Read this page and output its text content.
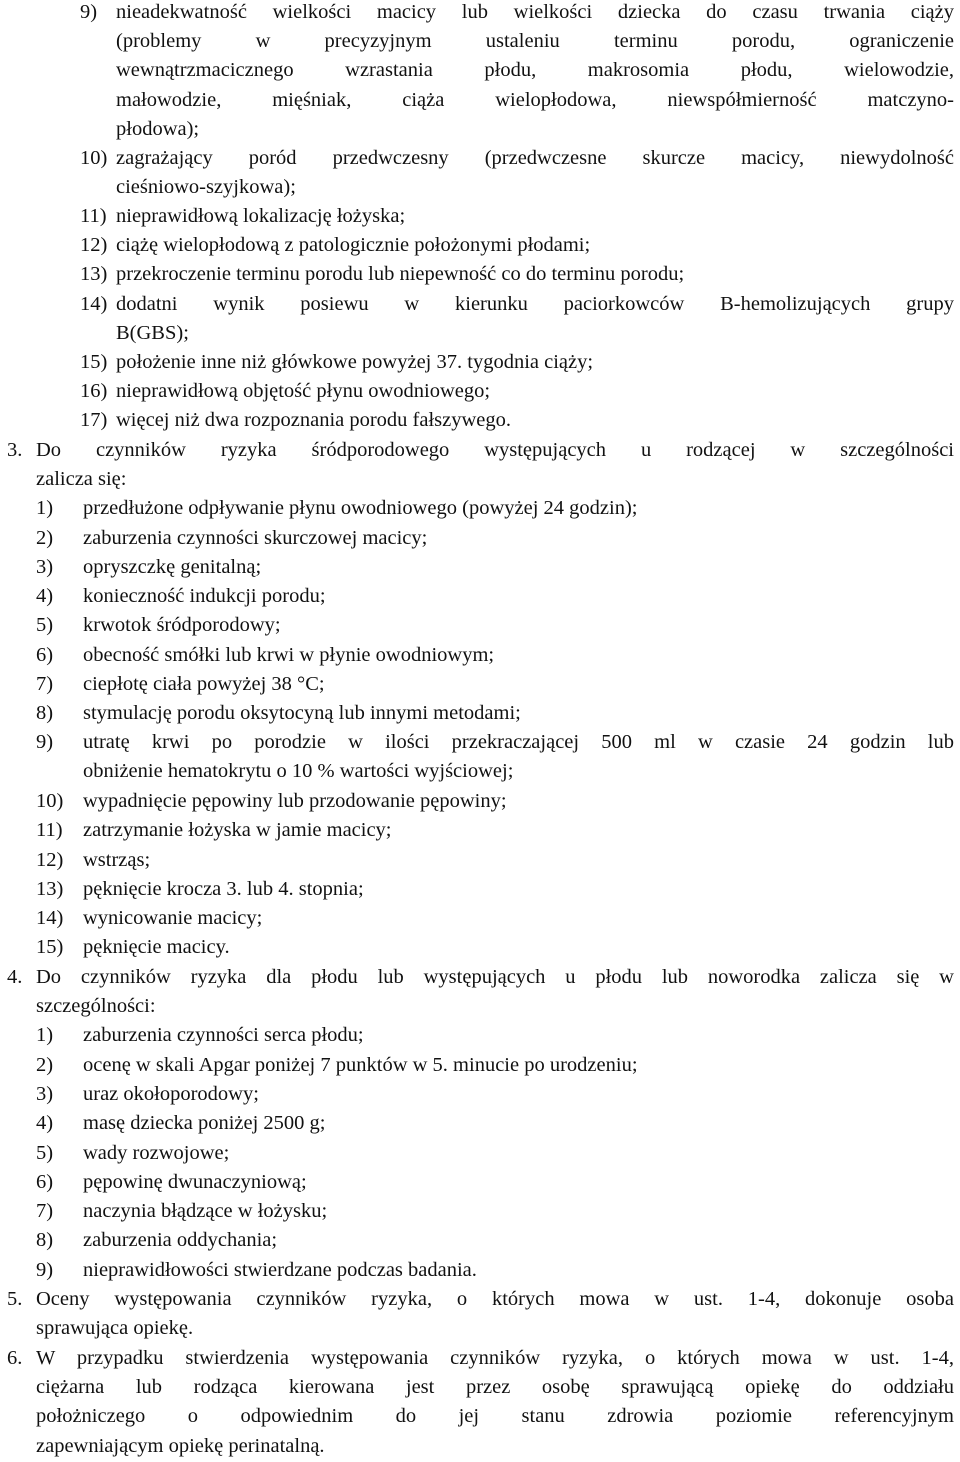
9) nieadekwatność wielkości macicy lub wielkości dziecka do czasu trwania ciąży
(problemy w precyzyjnym ustaleniu terminu porodu, ograniczenie
wewnątrzmacicznego wzrastania płodu, makrosomia płodu, wielowodzie,
małowodzie, mięśniak, ciąża wielopłodowa, niewspółmierność matczyno-
płodowa);
10) zagrażający poród przedwczesny (przedwczesne skurcze macicy, niewydolność
cieśniowo-szyjkowa);
11) nieprawidłową lokalizację łożyska;
12) ciążę wielopłodową z patologicznie położonymi płodami;
13) przekroczenie terminu porodu lub niepewność co do terminu porodu;
14) dodatni wynik posiewu w kierunku paciorkowców B-hemolizujących grupy
B(GBS);
15) położenie inne niż główkowe powyżej 37. tygodnia ciąży;
16) nieprawidłową objętość płynu owodniowego;
17) więcej niż dwa rozpoznania porodu fałszywego.
3. Do czynników ryzyka śródporodowego występujących u rodzącej w szczególności
zalicza się:
1) przedłużone odpływanie płynu owodniowego (powyżej 24 godzin);
2) zaburzenia czynności skurczowej macicy;
3) opryszczkę genitalną;
4) konieczność indukcji porodu;
5) krwotok śródporodowy;
6) obecność smółki lub krwi w płynie owodniowym;
7) ciepłotę ciała powyżej 38 °C;
8) stymulację porodu oksytocyną lub innymi metodami;
9) utratę krwi po porodzie w ilości przekraczającej 500 ml w czasie 24 godzin lub
obniżenie hematokrytu o 10 % wartości wyjściowej;
10) wypadnięcie pępowiny lub przodowanie pępowiny;
11) zatrzymanie łożyska w jamie macicy;
12) wstrząs;
13) pęknięcie krocza 3. lub 4. stopnia;
14) wynicowanie macicy;
15) pęknięcie macicy.
4. Do czynników ryzyka dla płodu lub występujących u płodu lub noworodka zalicza się w
szczególności:
1) zaburzenia czynności serca płodu;
2) ocenę w skali Apgar poniżej 7 punktów w 5. minucie po urodzeniu;
3) uraz okołoporodowy;
4) masę dziecka poniżej 2500 g;
5) wady rozwojowe;
6) pępowinę dwunaczyniową;
7) naczynia błądzące w łożysku;
8) zaburzenia oddychania;
9) nieprawidłowości stwierdzane podczas badania.
5. Oceny występowania czynników ryzyka, o których mowa w ust. 1-4, dokonuje osoba
sprawująca opiekę.
6. W przypadku stwierdzenia występowania czynników ryzyka, o których mowa w ust. 1-4,
ciężarna lub rodząca kierowana jest przez osobę sprawującą opiekę do oddziału
położniczego o odpowiednim do jej stanu zdrowia poziomie referencyjnym
zapewniającym opiekę perinatalną.
